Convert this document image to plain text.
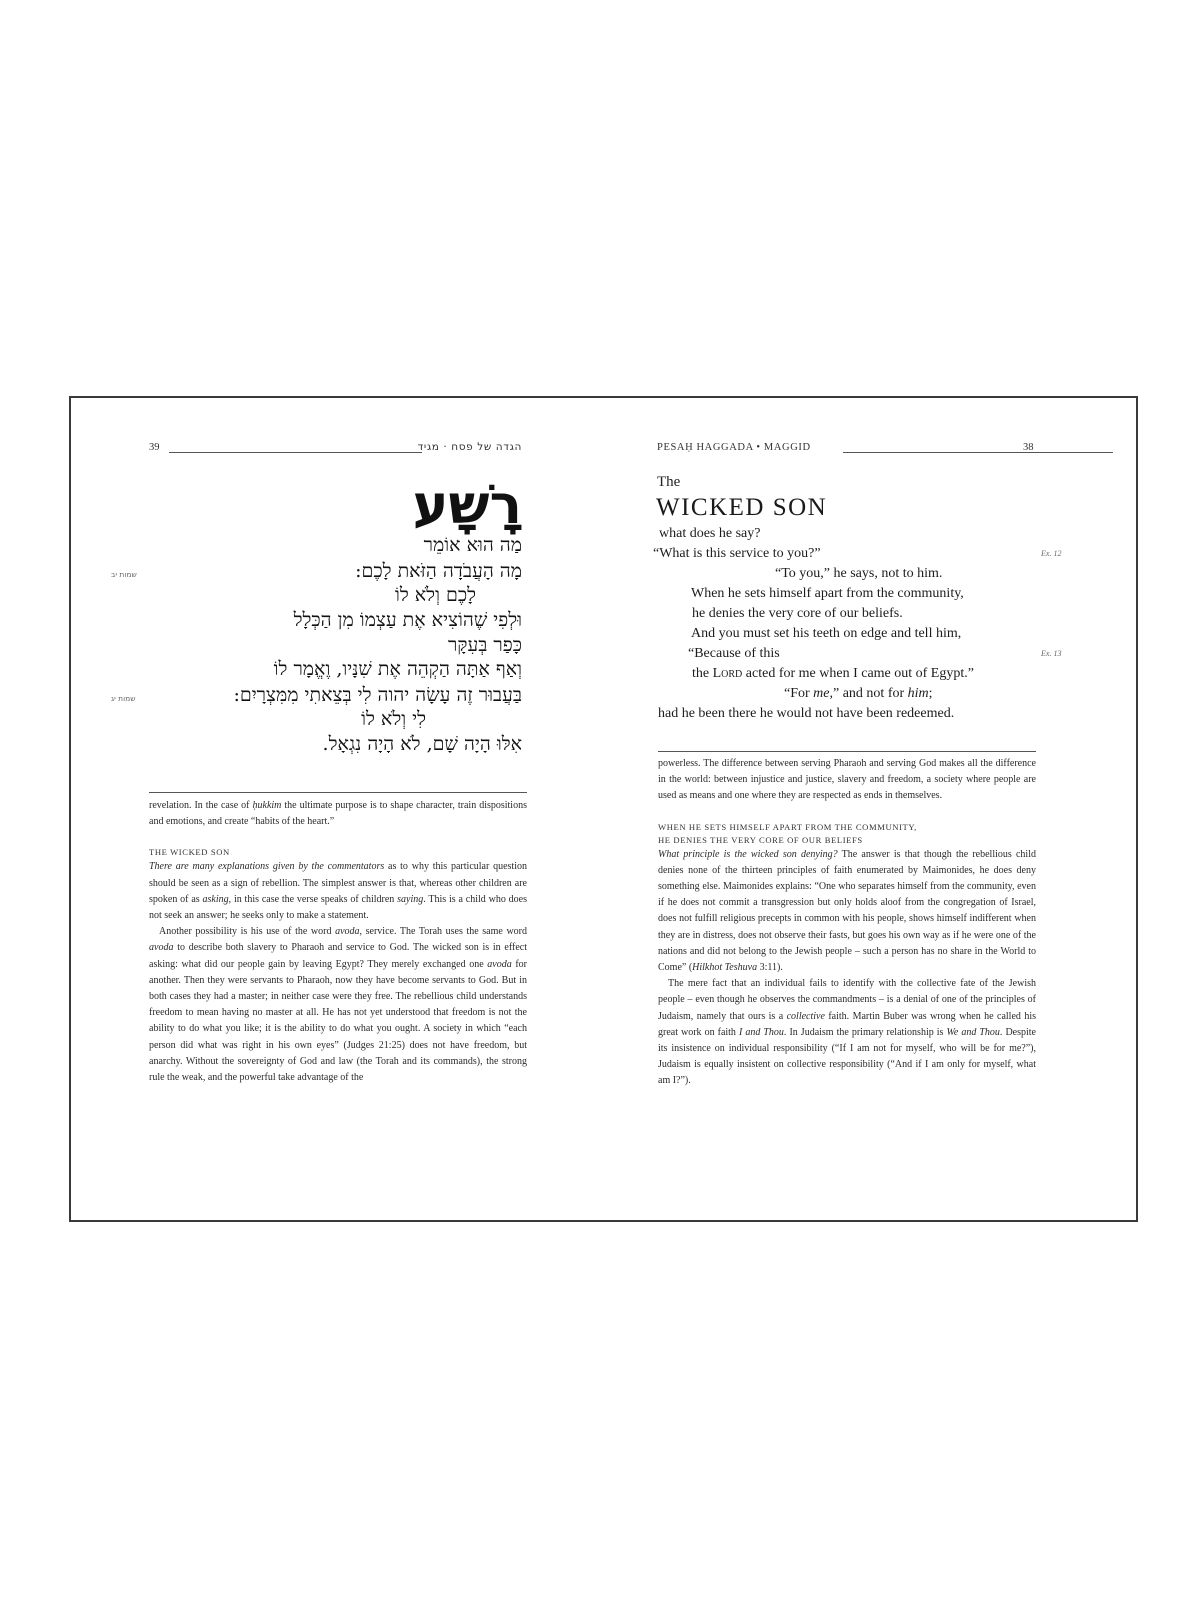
39	הגדה של פסח · מגיד
רָשָׁע
מַה הוּא אוֹמֵר
מָה הָעֲבֹדָה הַזֹּאת לָכֶם:
לָכֶם וְלֹא לוֹ
וּלְפִי שֶׁהוֹצִיא אֶת עַצְמוֹ מִן הַכְּלָל
כָּפַר בְּעִקָּר
וְאַף אַתָּה הַקְהֵה אֶת שִׁנָּיו, וֶאֱמָר לוֹ
בַּעֲבוּר זֶה עָשָׂה יהוה לִי בְּצֵאתִי מִמִּצְרָיִם:
לִי וְלֹא לוֹ
אִלּוּ הָיָה שָׁם, לֹא הָיָה נִגְאָל.
שמות יב
שמות יג

revelation. In the case of ḥukkim the ultimate purpose is to shape character, train dispositions and emotions, and create “habits of the heart.”

THE WICKED SON

There are many explanations given by the commentators as to why this particular question should be seen as a sign of rebellion. The simplest answer is that, whereas other children are spoken of as asking, in this case the verse speaks of children saying. This is a child who does not seek an answer; he seeks only to make a statement.

Another possibility is his use of the word avoda, service. The Torah uses the same word avoda to describe both slavery to Pharaoh and service to God. The wicked son is in effect asking: what did our people gain by leaving Egypt? They merely exchanged one avoda for another. Then they were servants to Pharaoh, now they have become servants to God. But in both cases they had a master; in neither case were they free. The rebellious child understands freedom to mean having no master at all. He has not yet understood that freedom is not the ability to do what you like; it is the ability to do what you ought. A society in which “each person did what was right in his own eyes” (Judges 21:25) does not have freedom, but anarchy. Without the sovereignty of God and law (the Torah and its commands), the strong rule the weak, and the powerful take advantage of the

PESAḤ HAGGADA • MAGGID	38
The
WICKED SON
what does he say?
“What is this service to you?”
“To you,” he says, not to him.
When he sets himself apart from the community,
he denies the very core of our beliefs.
And you must set his teeth on edge and tell him,
“Because of this
the Lord acted for me when I came out of Egypt.”
“For me,” and not for him;
had he been there he would not have been redeemed.
Ex. 12
Ex. 13

powerless. The difference between serving Pharaoh and serving God makes all the difference in the world: between injustice and justice, slavery and freedom, a society where people are used as means and one where they are respected as ends in themselves.

WHEN HE SETS HIMSELF APART FROM THE COMMUNITY,
HE DENIES THE VERY CORE OF OUR BELIEFS

What principle is the wicked son denying? The answer is that though the rebellious child denies none of the thirteen principles of faith enumerated by Maimonides, he does deny something else. Maimonides explains: “One who separates himself from the community, even if he does not commit a transgression but only holds aloof from the congregation of Israel, does not fulfill religious precepts in common with his people, shows himself indifferent when they are in distress, does not observe their fasts, but goes his own way as if he were one of the nations and did not belong to the Jewish people – such a person has no share in the World to Come” (Hilkhot Teshuva 3:11).

The mere fact that an individual fails to identify with the collective fate of the Jewish people – even though he observes the commandments – is a denial of one of the principles of Judaism, namely that ours is a collective faith. Martin Buber was wrong when he called his great work on faith I and Thou. In Judaism the primary relationship is We and Thou. Despite its insistence on individual responsibility (“If I am not for myself, who will be for me?”), Judaism is equally insistent on collective responsibility (“And if I am only for myself, what am I?”).
